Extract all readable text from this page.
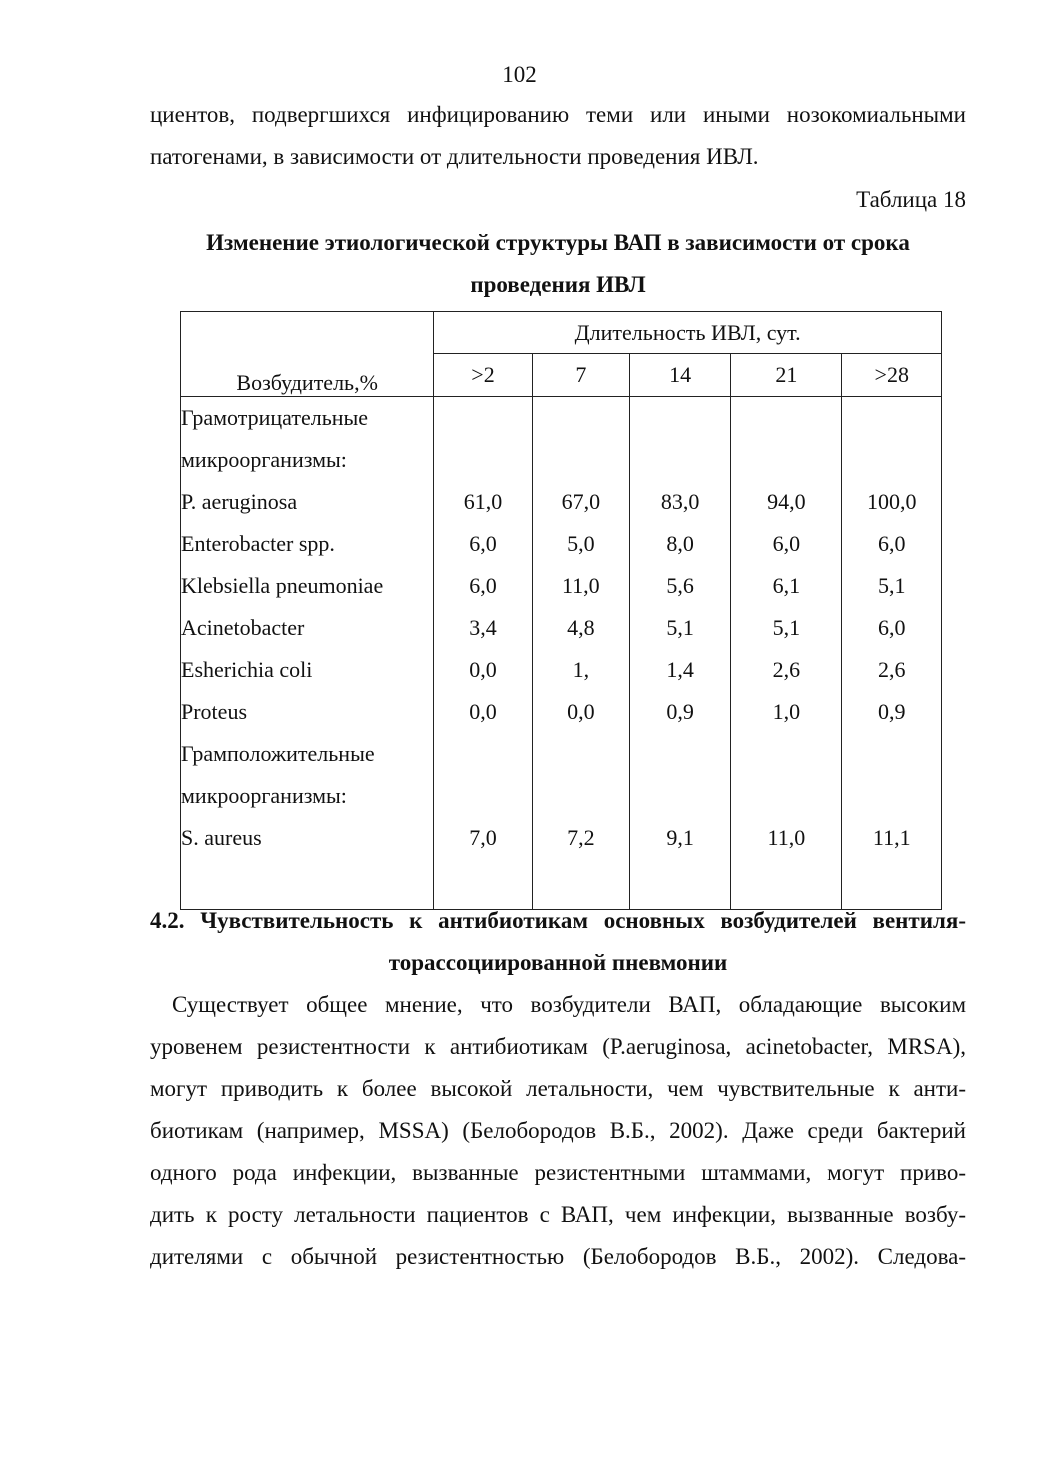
102
циентов, подвергшихся инфицированию теми или иными нозокомиальными
патогенами, в зависимости от длительности проведения ИВЛ.
Таблица 18
Изменение этиологической структуры ВАП в зависимости от срока
проведения ИВЛ
Возбудитель,%	Длительность ИВЛ, сут.				
	>2	7	14	21	>28
Грамотрицательные					
микроорганизмы:					
P. aeruginosa	61,0	67,0	83,0	94,0	100,0
Enterobacter spp.	6,0	5,0	8,0	6,0	6,0
Klebsiella pneumoniae	6,0	11,0	5,6	6,1	5,1
Acinetobacter	3,4	4,8	5,1	5,1	6,0
Esherichia coli	0,0	1,	1,4	2,6	2,6
Proteus	0,0	0,0	0,9	1,0	0,9
Грамположительные					
микроорганизмы:					
S. aureus	7,0	7,2	9,1	11,0	11,1

4.2. Чувствительность к антибиотикам основных возбудителей вентиля-
торассоциированной пневмонии
Существует общее мнение, что возбудители ВАП, обладающие высоким
уровенем резистентности к антибиотикам (P.aeruginosa, acinetobacter, MRSA),
могут приводить к более высокой летальности, чем чувствительные к анти-
биотикам (например, MSSA) (Белобородов В.Б., 2002). Даже среди бактерий
одного рода инфекции, вызванные резистентными штаммами, могут приво-
дить к росту летальности пациентов с ВАП, чем инфекции, вызванные возбу-
дителями с обычной резистентностью (Белобородов В.Б., 2002). Следова-
